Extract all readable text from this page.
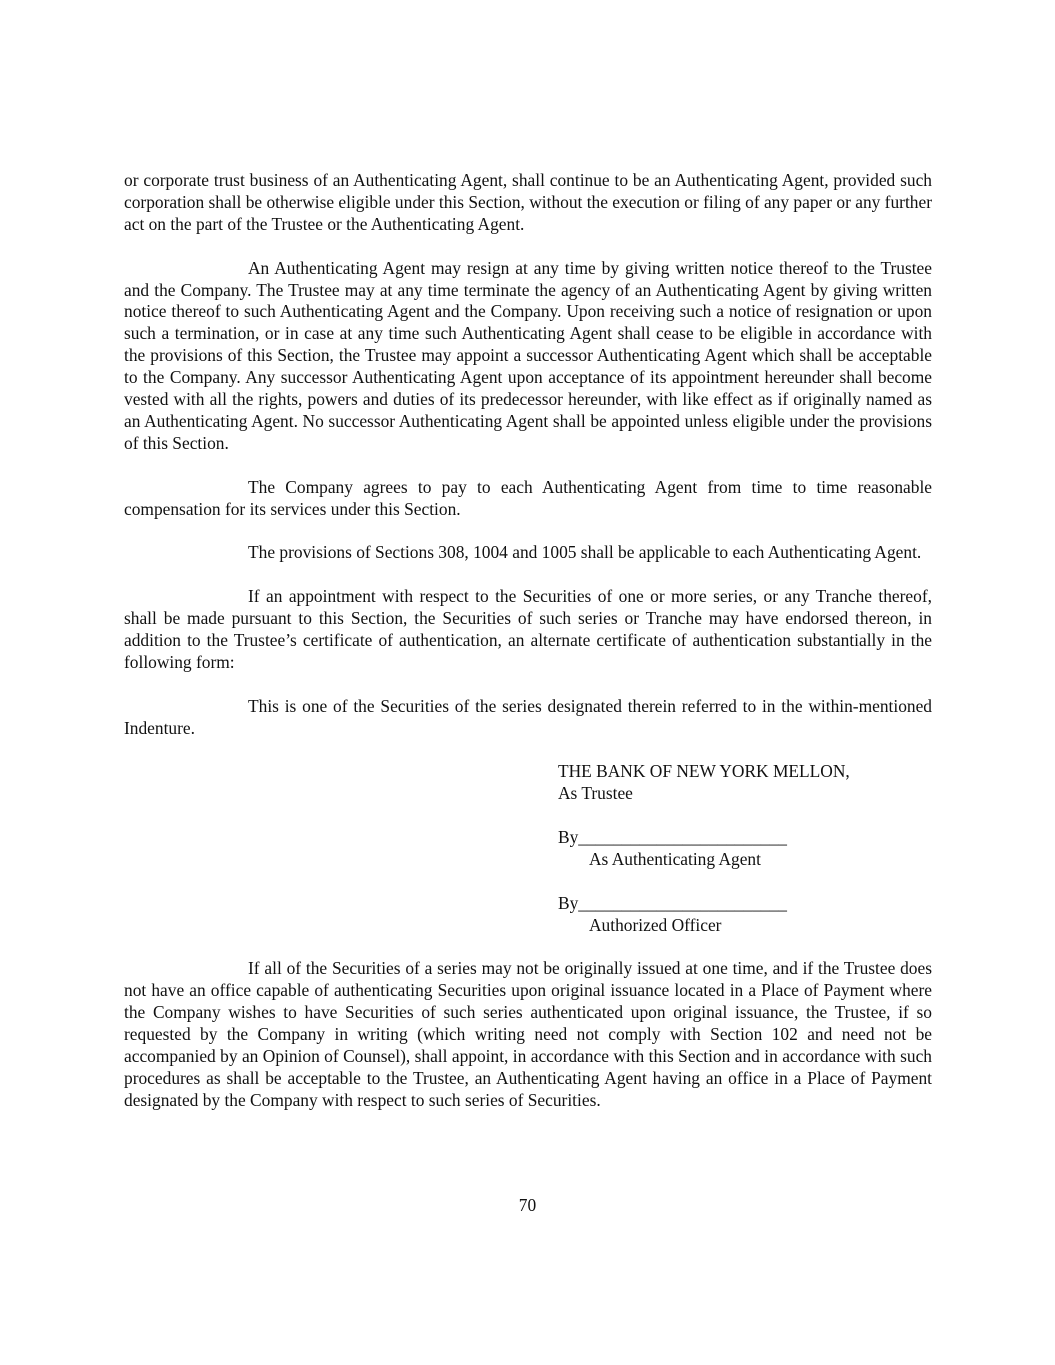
or corporate trust business of an Authenticating Agent, shall continue to be an Authenticating Agent, provided such corporation shall be otherwise eligible under this Section, without the execution or filing of any paper or any further act on the part of the Trustee or the Authenticating Agent.

An Authenticating Agent may resign at any time by giving written notice thereof to the Trustee and the Company. The Trustee may at any time terminate the agency of an Authenticating Agent by giving written notice thereof to such Authenticating Agent and the Company. Upon receiving such a notice of resignation or upon such a termination, or in case at any time such Authenticating Agent shall cease to be eligible in accordance with the provisions of this Section, the Trustee may appoint a successor Authenticating Agent which shall be acceptable to the Company. Any successor Authenticating Agent upon acceptance of its appointment hereunder shall become vested with all the rights, powers and duties of its predecessor hereunder, with like effect as if originally named as an Authenticating Agent. No successor Authenticating Agent shall be appointed unless eligible under the provisions of this Section.

The Company agrees to pay to each Authenticating Agent from time to time reasonable compensation for its services under this Section.

The provisions of Sections 308, 1004 and 1005 shall be applicable to each Authenticating Agent.

If an appointment with respect to the Securities of one or more series, or any Tranche thereof, shall be made pursuant to this Section, the Securities of such series or Tranche may have endorsed thereon, in addition to the Trustee’s certificate of authentication, an alternate certificate of authentication substantially in the following form:

This is one of the Securities of the series designated therein referred to in the within-mentioned Indenture.

THE BANK OF NEW YORK MELLON,
As Trustee
By________________________
As Authenticating Agent
By________________________
Authorized Officer

If all of the Securities of a series may not be originally issued at one time, and if the Trustee does not have an office capable of authenticating Securities upon original issuance located in a Place of Payment where the Company wishes to have Securities of such series authenticated upon original issuance, the Trustee, if so requested by the Company in writing (which writing need not comply with Section 102 and need not be accompanied by an Opinion of Counsel), shall appoint, in accordance with this Section and in accordance with such procedures as shall be acceptable to the Trustee, an Authenticating Agent having an office in a Place of Payment designated by the Company with respect to such series of Securities.

70
